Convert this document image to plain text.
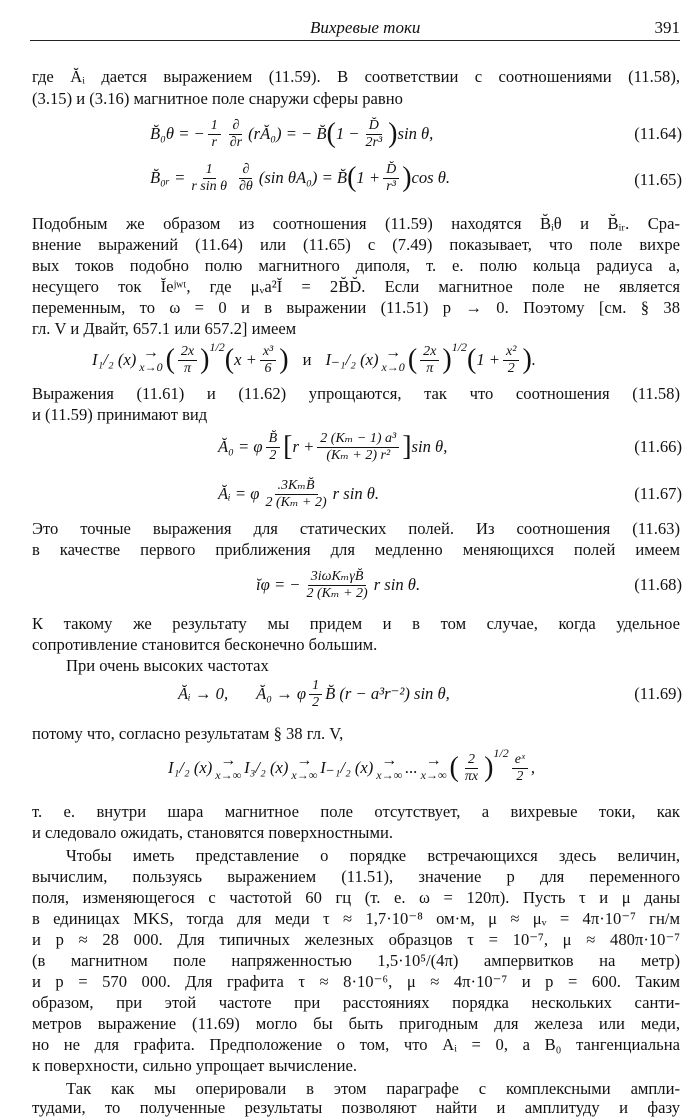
Вихревые токи	391
где Ăᵢ дается выражением (11.59). В соответствии с соотношениями (11.58),
(3.15) и (3.16) магнитное поле снаружи сферы равно
B̆₀θ = − $\frac{1}{r} \frac{\partial}{\partial r}$ (rĂ₀) = − B̆ ( $1 - \frac{D̆}{\text{2r³}}$ ) sin θ,	(11.64)
B̆₀ᵣ = $\frac{1}{\text{r sin θ}} \frac{\partial}{\partial\theta} (\sin$ θA₀) = B̆ ( $1 + \frac{D̆}{\text{r³}}$ ) cos θ.	(11.65)
Подобным же образом из соотношения (11.59) находятся B̆ᵢθ и B̆ᵢᵣ. Сра-
внение выражений (11.64) или (11.65) с (7.49) показывает, что поле вихре
вых токов подобно полю магнитного диполя, т. е. полю кольца радиуса a,
несущего ток Ĭeʲʷᵗ, где μᵥa²Ĭ = 2B̆D̆. Если магнитное поле не является
переменным, то ω = 0 и в выражении (11.51) p → 0. Поэтому [см. § 38
гл. V и Двайт, 657.1 или 657.2] имеем
I₁/₂ (x) →
x→0 ( $\frac{2x}{\pi} )^{1/2}$ ( $x + \frac{\text{x³}}{6}$ ) и I₋₁/₂ (x) →
x→0 ( $\frac{2x}{\pi} )^{1/2}$ ( $1 + \frac{\text{x²}}{2}$ ) .
Выражения (11.61) и (11.62) упрощаются, так что соотношения (11.58)
и (11.59) принимают вид
Ă₀ = φ $\frac{B̆}{2}$ [ $r + \frac{\text{2 (Kₘ − 1) a³}}{\text{(Kₘ + 2) r²}}$ ] sin θ,	(11.66)
Ăᵢ = φ $\frac{\text{.3KₘB̆}}{\text{2 (Kₘ + 2)}}$ r sin θ.	(11.67)
Это точные выражения для статических полей. Из соотношения (11.63)
в качестве первого приближения для медленно меняющихся полей имеем
ĭφ = − $\frac{\text{3iωKₘγB̆}}{\text{2 (Kₘ + 2)}}$ r sin θ.	(11.68)
К такому же результату мы придем и в том случае, когда удельное
сопротивление становится бесконечно большим.
При очень высоких частотах
Ăᵢ → 0, Ă₀ → φ $\frac{1}{2}$ B̆ (r − a³r⁻²) sin θ,	(11.69)
потому что, согласно результатам § 38 гл. V,
I₁/₂ (x) →
x→∞ I₃/₂ (x) →
x→∞ I₋₁/₂ (x) →
x→∞ ... →
x→∞ ( $\frac{2}{\pi x} )^{1/2} \frac{\text{eˣ}}{2}$ ,
т. е. внутри шара магнитное поле отсутствует, а вихревые токи, как
и следовало ожидать, становятся поверхностными.
Чтобы иметь представление о порядке встречающихся здесь величин,
вычислим, пользуясь выражением (11.51), значение p для переменного
поля, изменяющегося с частотой 60 гц (т. е. ω = 120π). Пусть τ и μ даны
в единицах MKS, тогда для меди τ ≈ 1,7·10⁻⁸ ом·м, μ ≈ μᵥ = 4π·10⁻⁷ гн/м
и p ≈ 28 000. Для типичных железных образцов τ = 10⁻⁷, μ ≈ 480π·10⁻⁷
(в магнитном поле напряженностью 1,5·10⁵/(4π) ампервитков на метр)
и p = 570 000. Для графита τ ≈ 8·10⁻⁶, μ ≈ 4π·10⁻⁷ и p = 600. Таким
образом, при этой частоте при расстояниях порядка нескольких санти-
метров выражение (11.69) могло бы быть пригодным для железа или меди,
но не для графита. Предположение о том, что Aᵢ = 0, а B₀ тангенциальна
к поверхности, сильно упрощает вычисление.
Так как мы оперировали в этом параграфе с комплексными ампли-
тудами, то полученные результаты позволяют найти и амплитуду и фазу
